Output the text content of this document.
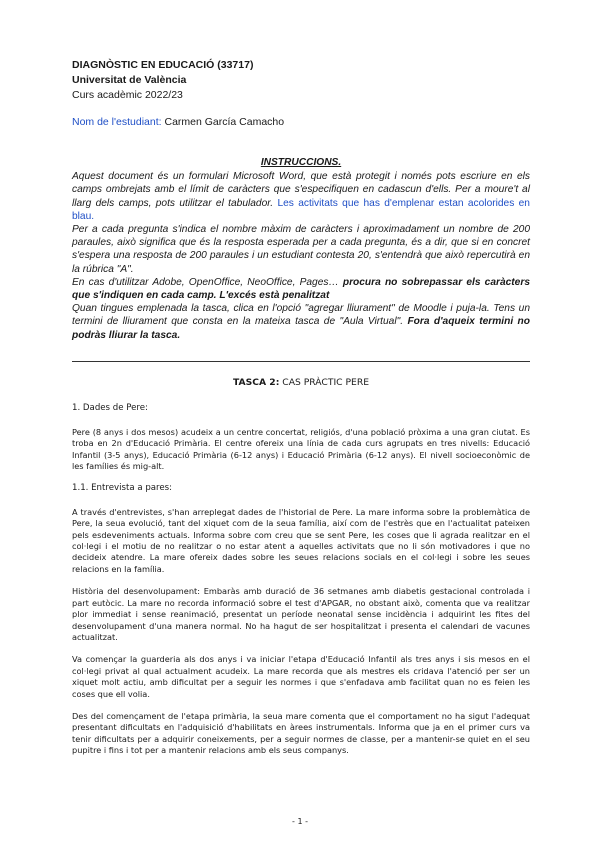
DIAGNÒSTIC EN EDUCACIÓ (33717)
Universitat de València
Curs acadèmic 2022/23
Nom de l'estudiant: Carmen García Camacho
INSTRUCCIONS.

Aquest document és un formulari Microsoft Word, que està protegit i només pots escriure en els camps ombrejats amb el límit de caràcters que s'especifiquen en cadascun d'ells. Per a moure't al llarg dels camps, pots utilitzar el tabulador. Les activitats que has d'emplenar estan acolorides en blau.

Per a cada pregunta s'indica el nombre màxim de caràcters i aproximadament un nombre de 200 paraules, això significa que és la resposta esperada per a cada pregunta, és a dir, que si en concret s'espera una resposta de 200 paraules i un estudiant contesta 20, s'entendrà que això repercutirà en la rúbrica "A".

En cas d'utilitzar Adobe, OpenOffice, NeoOffice, Pages… procura no sobrepassar els caràcters que s'indiquen en cada camp. L'excés està penalitzat

Quan tingues emplenada la tasca, clica en l'opció "agregar lliurament" de Moodle i puja-la. Tens un termini de lliurament que consta en la mateixa tasca de "Aula Virtual". Fora d'aqueix termini no podràs lliurar la tasca.

TASCA 2: CAS PRÀCTIC PERE
1. Dades de Pere:

Pere (8 anys i dos mesos) acudeix a un centre concertat, religiós, d'una població pròxima a una gran ciutat. Es troba en 2n d'Educació Primària. El centre ofereix una línia de cada curs agrupats en tres nivells: Educació Infantil (3-5 anys), Educació Primària (6-12 anys) i Educació Primària (6-12 anys). El nivell socioeconòmic de les famílies és mig-alt.

1.1. Entrevista a pares:

A través d'entrevistes, s'han arreplegat dades de l'historial de Pere. La mare informa sobre la problemàtica de Pere, la seua evolució, tant del xiquet com de la seua família, així com de l'estrès que en l'actualitat pateixen pels esdeveniments actuals. Informa sobre com creu que se sent Pere, les coses que li agrada realitzar en el col·legi i el motiu de no realitzar o no estar atent a aquelles activitats que no li són motivadores i que no decideix atendre. La mare ofereix dades sobre les seues relacions socials en el col·legi i sobre les seues relacions en la família.

Història del desenvolupament: Embaràs amb duració de 36 setmanes amb diabetis gestacional controlada i part eutòcic. La mare no recorda informació sobre el test d'APGAR, no obstant això, comenta que va realitzar plor immediat i sense reanimació, presentat un període neonatal sense incidència i adquirint les fites del desenvolupament d'una manera normal. No ha hagut de ser hospitalitzat i presenta el calendari de vacunes actualitzat.

Va començar la guarderia als dos anys i va iniciar l'etapa d'Educació Infantil als tres anys i sis mesos en el col·legi privat al qual actualment acudeix. La mare recorda que als mestres els cridava l'atenció per ser un xiquet molt actiu, amb dificultat per a seguir les normes i que s'enfadava amb facilitat quan no es feien les coses que ell volia.

Des del començament de l'etapa primària, la seua mare comenta que el comportament no ha sigut l'adequat presentant dificultats en l'adquisició d'habilitats en àrees instrumentals. Informa que ja en el primer curs va tenir dificultats per a adquirir coneixements, per a seguir normes de classe, per a mantenir-se quiet en el seu pupitre i fins i tot per a mantenir relacions amb els seus companys.

- 1 -
